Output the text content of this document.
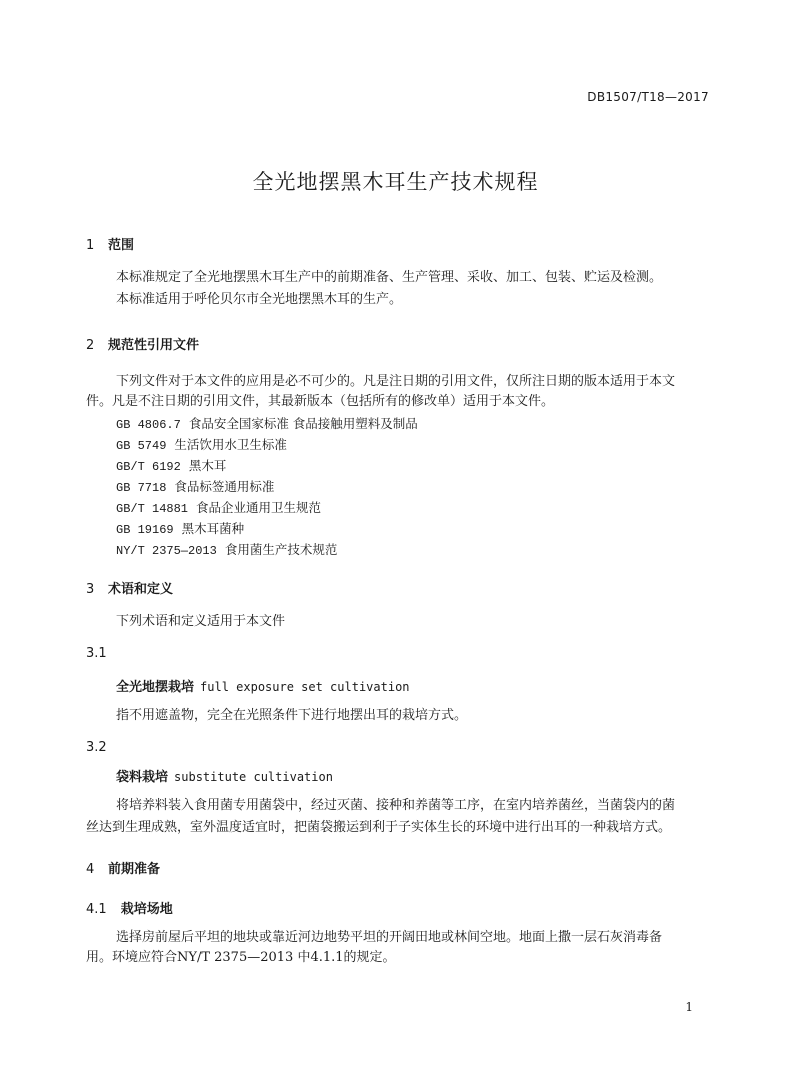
DB1507/T18—2017
全光地摆黑木耳生产技术规程
1 范围
本标准规定了全光地摆黑木耳生产中的前期准备、生产管理、采收、加工、包装、贮运及检测。
本标准适用于呼伦贝尔市全光地摆黑木耳的生产。
2 规范性引用文件
下列文件对于本文件的应用是必不可少的。凡是注日期的引用文件，仅所注日期的版本适用于本文
件。凡是不注日期的引用文件，其最新版本（包括所有的修改单）适用于本文件。
GB 4806.7 食品安全国家标准 食品接触用塑料及制品
GB 5749 生活饮用水卫生标准
GB/T 6192 黑木耳
GB 7718 食品标签通用标准
GB/T 14881 食品企业通用卫生规范
GB 19169 黑木耳菌种
NY/T 2375—2013 食用菌生产技术规范
3 术语和定义
下列术语和定义适用于本文件
3.1
全光地摆栽培 full exposure set cultivation
指不用遮盖物，完全在光照条件下进行地摆出耳的栽培方式。
3.2
袋料栽培 substitute cultivation
将培养料装入食用菌专用菌袋中，经过灭菌、接种和养菌等工序，在室内培养菌丝，当菌袋内的菌
丝达到生理成熟，室外温度适宜时，把菌袋搬运到利于子实体生长的环境中进行出耳的一种栽培方式。
4 前期准备
4.1 栽培场地
选择房前屋后平坦的地块或靠近河边地势平坦的开阔田地或林间空地。地面上撒一层石灰消毒备
用。环境应符合NY/T 2375—2013 中4.1.1的规定。
1
